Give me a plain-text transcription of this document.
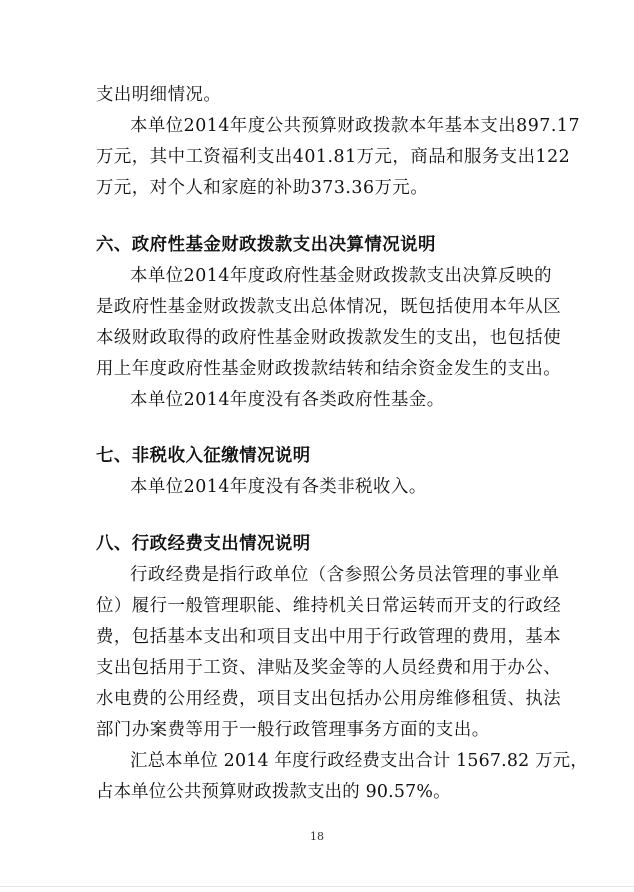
支出明细情况。
本单位2014年度公共预算财政拨款本年基本支出897.17
万元，其中工资福利支出401.81万元，商品和服务支出122
万元，对个人和家庭的补助373.36万元。
六、政府性基金财政拨款支出决算情况说明
本单位2014年度政府性基金财政拨款支出决算反映的
是政府性基金财政拨款支出总体情况，既包括使用本年从区
本级财政取得的政府性基金财政拨款发生的支出，也包括使
用上年度政府性基金财政拨款结转和结余资金发生的支出。
本单位2014年度没有各类政府性基金。
七、非税收入征缴情况说明
本单位2014年度没有各类非税收入。
八、行政经费支出情况说明
行政经费是指行政单位（含参照公务员法管理的事业单
位）履行一般管理职能、维持机关日常运转而开支的行政经
费，包括基本支出和项目支出中用于行政管理的费用，基本
支出包括用于工资、津贴及奖金等的人员经费和用于办公、
水电费的公用经费，项目支出包括办公用房维修租赁、执法
部门办案费等用于一般行政管理事务方面的支出。
汇总本单位 2014 年度行政经费支出合计 1567.82 万元，
占本单位公共预算财政拨款支出的 90.57%。
18
